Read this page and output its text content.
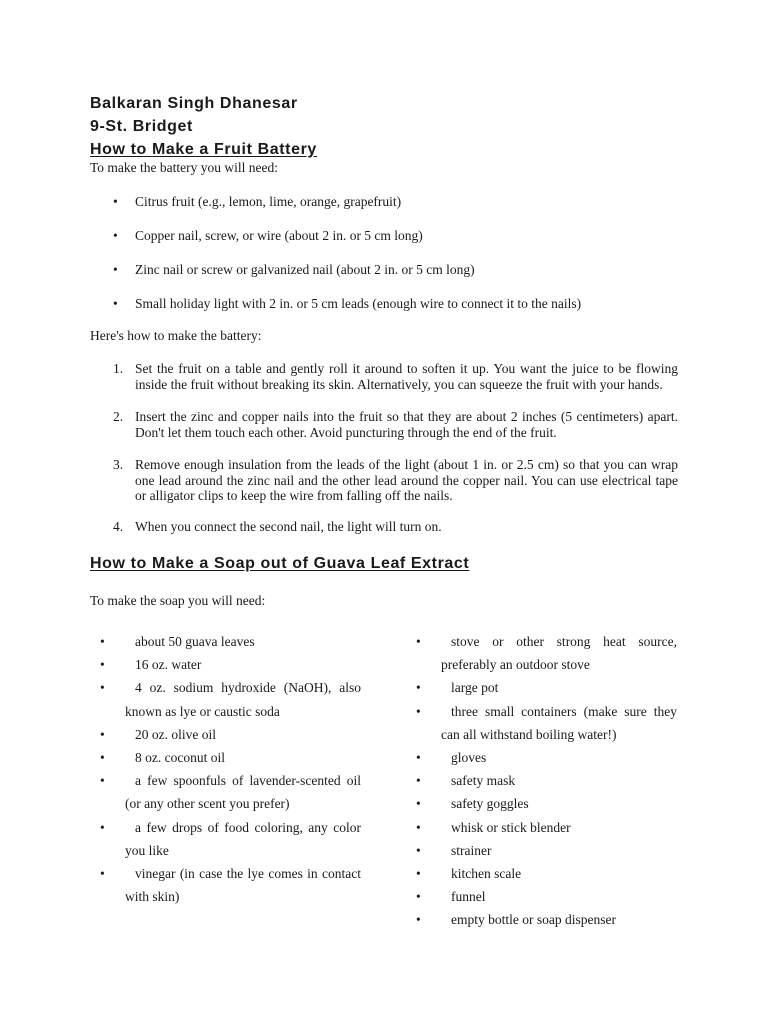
Balkaran Singh Dhanesar
9-St. Bridget
How to Make a Fruit Battery
To make the battery you will need:
•	Citrus fruit (e.g., lemon, lime, orange, grapefruit)
•	Copper nail, screw, or wire (about 2 in. or 5 cm long)
•	Zinc nail or screw or galvanized nail (about 2 in. or 5 cm long)
•	Small holiday light with 2 in. or 5 cm leads (enough wire to connect it to the nails)
Here's how to make the battery:
1. Set the fruit on a table and gently roll it around to soften it up. You want the juice to be flowing inside the fruit without breaking its skin. Alternatively, you can squeeze the fruit with your hands.
2. Insert the zinc and copper nails into the fruit so that they are about 2 inches (5 centimeters) apart. Don't let them touch each other. Avoid puncturing through the end of the fruit.
3. Remove enough insulation from the leads of the light (about 1 in. or 2.5 cm) so that you can wrap one lead around the zinc nail and the other lead around the copper nail. You can use electrical tape or alligator clips to keep the wire from falling off the nails.
4. When you connect the second nail, the light will turn on.
How to Make a Soap out of Guava Leaf Extract
To make the soap you will need:
•	about 50 guava leaves
•	16 oz. water
•	4 oz. sodium hydroxide (NaOH), also known as lye or caustic soda
•	20 oz. olive oil
•	8 oz. coconut oil
•	a few spoonfuls of lavender-scented oil (or any other scent you prefer)
•	a few drops of food coloring, any color you like
•	vinegar (in case the lye comes in contact with skin)
•	stove or other strong heat source, preferably an outdoor stove
•	large pot
•	three small containers (make sure they can all withstand boiling water!)
•	gloves
•	safety mask
•	safety goggles
•	whisk or stick blender
•	strainer
•	kitchen scale
•	funnel
•	empty bottle or soap dispenser
